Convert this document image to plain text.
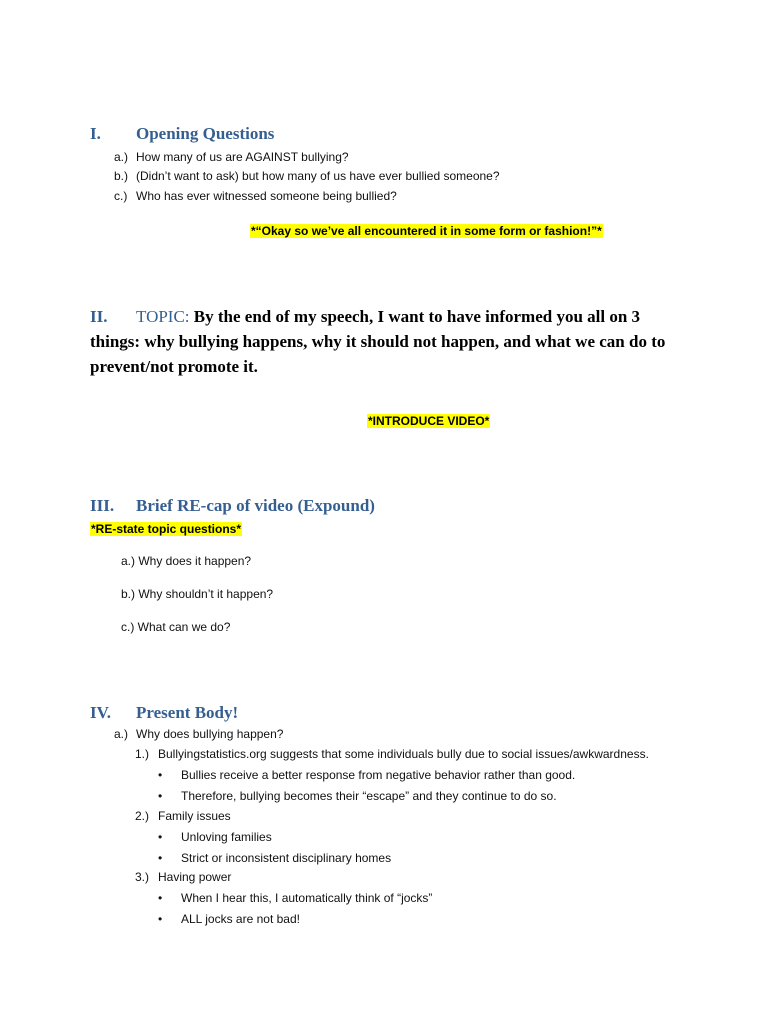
I. Opening Questions
a.) How many of us are AGAINST bullying?
b.) (Didn’t want to ask) but how many of us have ever bullied someone?
c.) Who has ever witnessed someone being bullied?
*“Okay so we’ve all encountered it in some form or fashion!”*
II. TOPIC: By the end of my speech, I want to have informed you all on 3 things: why bullying happens, why it should not happen, and what we can do to prevent/not promote it.
*INTRODUCE VIDEO*
III. Brief RE-cap of video (Expound)
*RE-state topic questions*
a.) Why does it happen?
b.) Why shouldn’t it happen?
c.) What can we do?
IV. Present Body!
a.) Why does bullying happen?
1.) Bullyingstatistics.org suggests that some individuals bully due to social issues/awkwardness.
• Bullies receive a better response from negative behavior rather than good.
• Therefore, bullying becomes their “escape” and they continue to do so.
2.) Family issues
• Unloving families
• Strict or inconsistent disciplinary homes
3.) Having power
• When I hear this, I automatically think of “jocks”
• ALL jocks are not bad!
